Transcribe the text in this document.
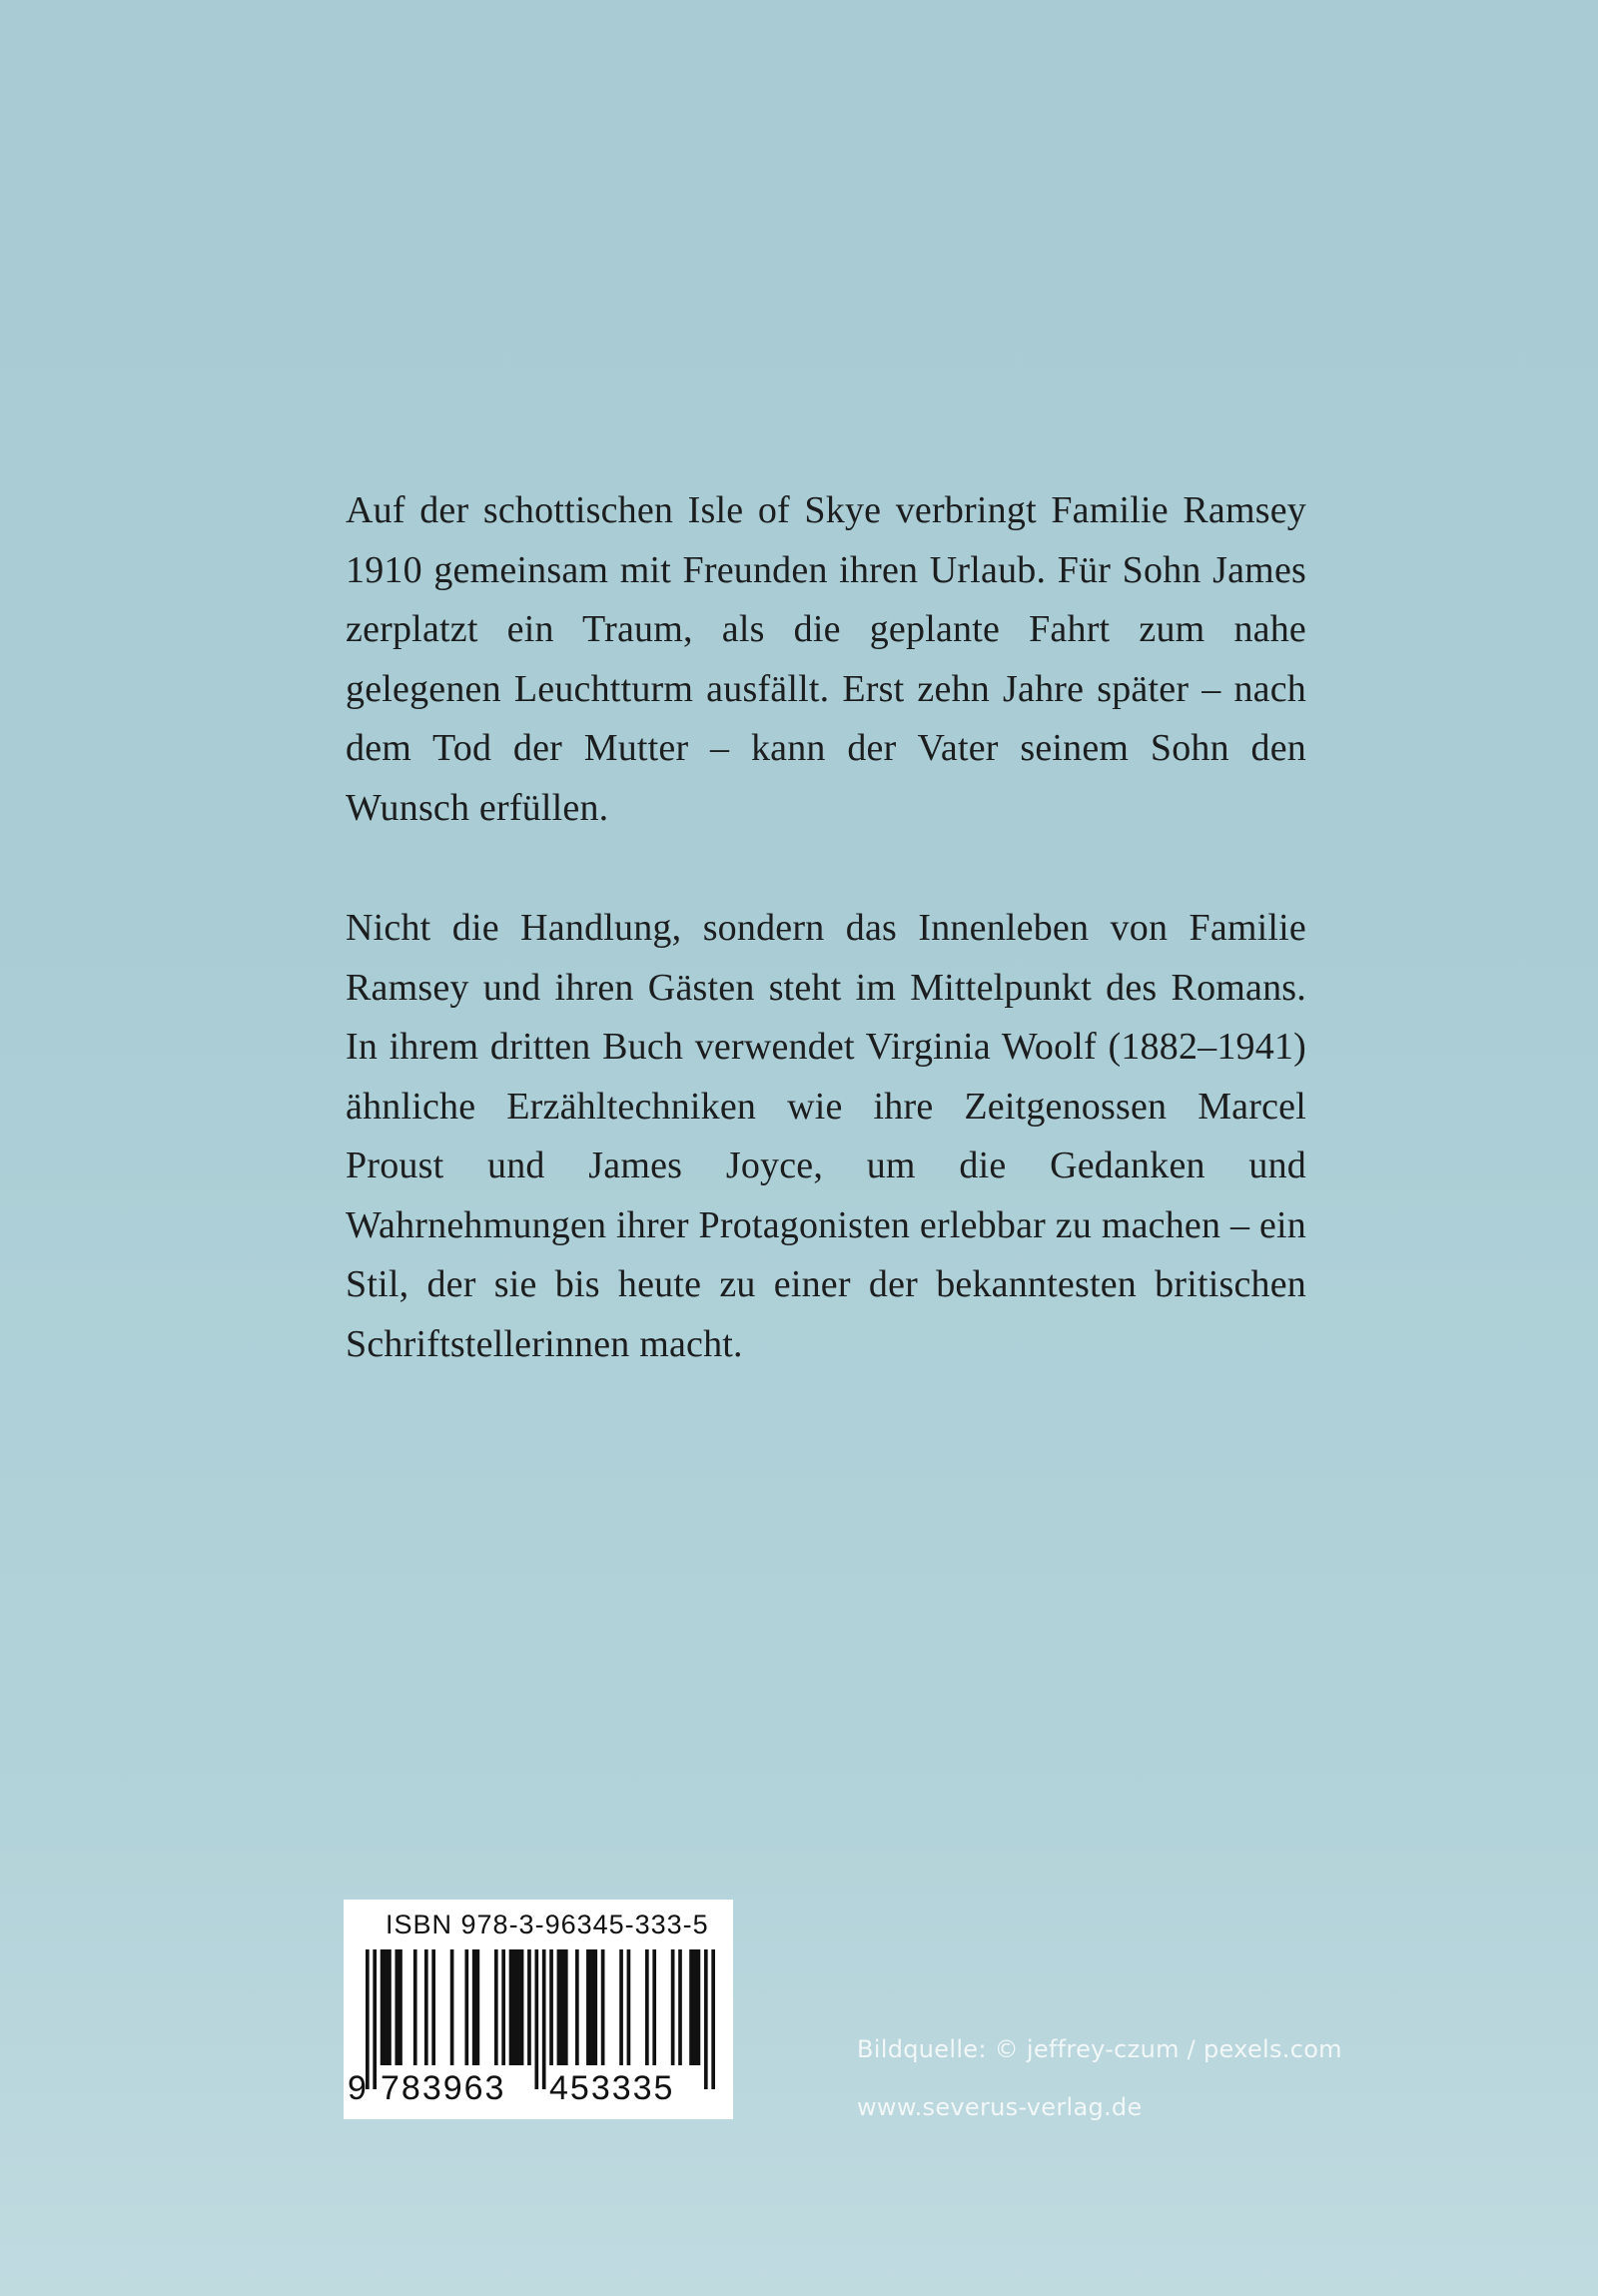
Auf der schottischen Isle of Skye verbringt Familie Ramsey 1910 gemeinsam mit Freunden ihren Urlaub. Für Sohn James zerplatzt ein Traum, als die geplante Fahrt zum nahe gelegenen Leuchtturm ausfällt. Erst zehn Jahre später – nach dem Tod der Mutter – kann der Vater seinem Sohn den Wunsch erfüllen.

Nicht die Handlung, sondern das Innenleben von Familie Ramsey und ihren Gästen steht im Mittelpunkt des Romans. In ihrem dritten Buch verwendet Virginia Woolf (1882–1941) ähnliche Erzähltechniken wie ihre Zeitgenossen Marcel Proust und James Joyce, um die Gedanken und Wahrnehmungen ihrer Protagonisten erlebbar zu machen – ein Stil, der sie bis heute zu einer der bekanntesten britischen Schriftstellerinnen macht.

ISBN 978-3-96345-333-5
9 783963 453335
Bildquelle: © jeffrey-czum / pexels.com
www.severus-verlag.de
